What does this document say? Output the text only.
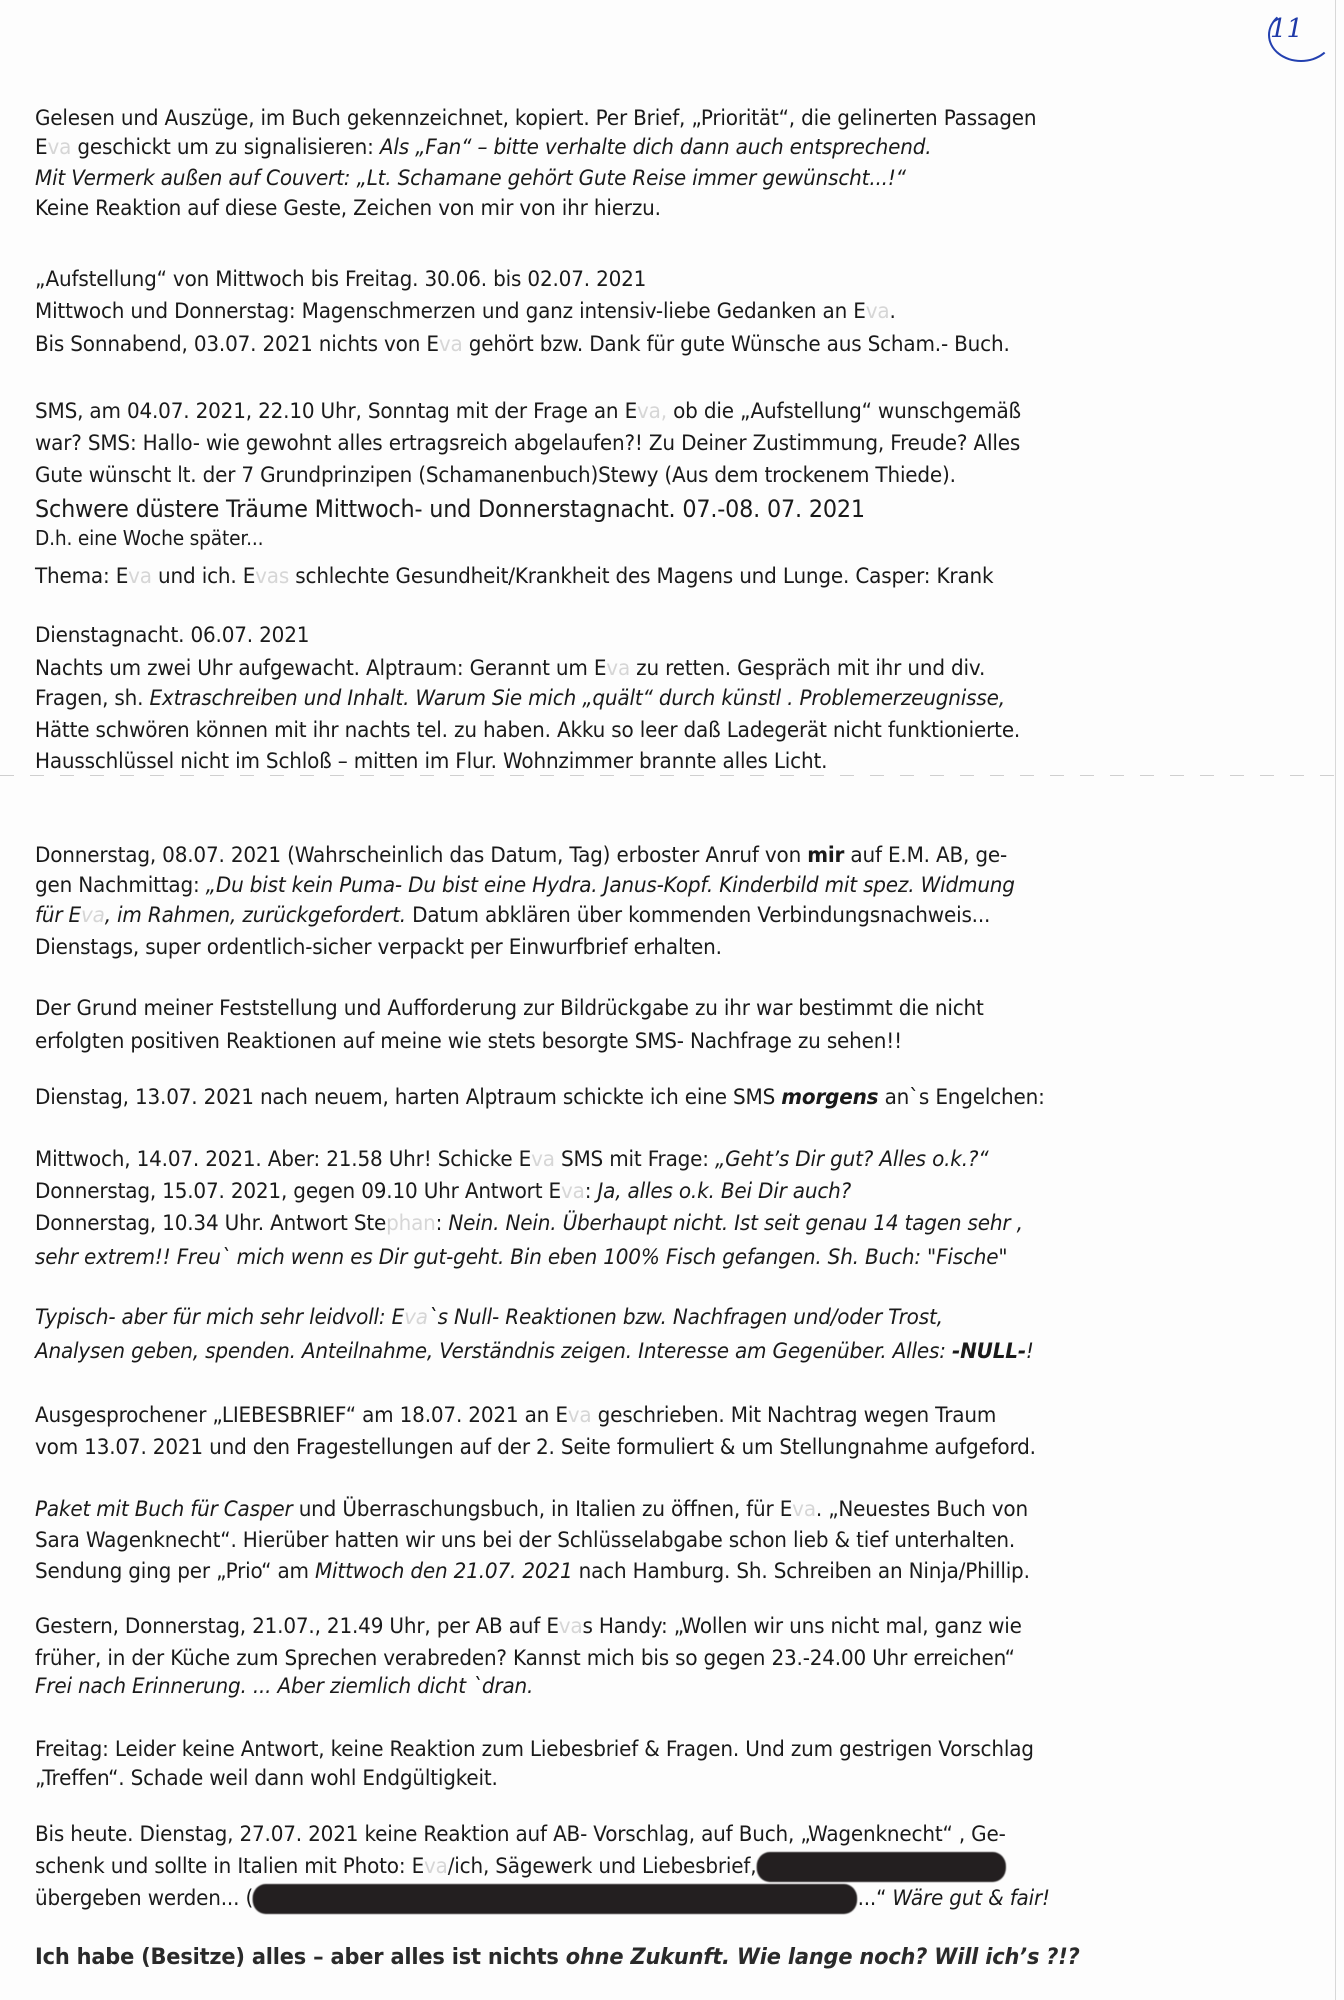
11
Gelesen und Auszüge, im Buch gekennzeichnet, kopiert. Per Brief, „Priorität“, die gelinerten Passagen
Eva geschickt um zu signalisieren: Als „Fan“ – bitte verhalte dich dann auch entsprechend.
Mit Vermerk außen auf Couvert: „Lt. Schamane gehört Gute Reise immer gewünscht...!“
Keine Reaktion auf diese Geste, Zeichen von mir von ihr hierzu.
„Aufstellung“ von Mittwoch bis Freitag. 30.06. bis 02.07. 2021
Mittwoch und Donnerstag: Magenschmerzen und ganz intensiv-liebe Gedanken an Eva.
Bis Sonnabend, 03.07. 2021 nichts von Eva gehört bzw. Dank für gute Wünsche aus Scham.- Buch.
SMS, am 04.07. 2021, 22.10 Uhr, Sonntag mit der Frage an Eva, ob die „Aufstellung“ wunschgemäß
war? SMS: Hallo- wie gewohnt alles ertragsreich abgelaufen?! Zu Deiner Zustimmung, Freude? Alles
Gute wünscht lt. der 7 Grundprinzipen (Schamanenbuch)Stewy (Aus dem trockenem Thiede).
Schwere düstere Träume Mittwoch- und Donnerstagnacht. 07.-08. 07. 2021
D.h. eine Woche später...
Thema: Eva und ich. Evas schlechte Gesundheit/Krankheit des Magens und Lunge. Casper: Krank
Dienstagnacht. 06.07. 2021
Nachts um zwei Uhr aufgewacht. Alptraum: Gerannt um Eva zu retten. Gespräch mit ihr und div.
Fragen, sh. Extraschreiben und Inhalt. Warum Sie mich „quält“ durch künstl . Problemerzeugnisse,
Hätte schwören können mit ihr nachts tel. zu haben. Akku so leer daß Ladegerät nicht funktionierte.
Hausschlüssel nicht im Schloß – mitten im Flur. Wohnzimmer brannte alles Licht.
Donnerstag, 08.07. 2021 (Wahrscheinlich das Datum, Tag) erboster Anruf von mir auf E.M. AB, ge-
gen Nachmittag: „Du bist kein Puma- Du bist eine Hydra. Janus-Kopf. Kinderbild mit spez. Widmung
für Eva, im Rahmen, zurückgefordert. Datum abklären über kommenden Verbindungsnachweis...
Dienstags, super ordentlich-sicher verpackt per Einwurfbrief erhalten.
Der Grund meiner Feststellung und Aufforderung zur Bildrückgabe zu ihr war bestimmt die nicht
erfolgten positiven Reaktionen auf meine wie stets besorgte SMS- Nachfrage zu sehen!!
Dienstag, 13.07. 2021 nach neuem, harten Alptraum schickte ich eine SMS morgens an`s Engelchen:
Mittwoch, 14.07. 2021. Aber: 21.58 Uhr! Schicke Eva SMS mit Frage: „Geht’s Dir gut? Alles o.k.?“
Donnerstag, 15.07. 2021, gegen 09.10 Uhr Antwort Eva: Ja, alles o.k. Bei Dir auch?
Donnerstag, 10.34 Uhr. Antwort Stephan: Nein. Nein. Überhaupt nicht. Ist seit genau 14 tagen sehr ,
sehr extrem!! Freu` mich wenn es Dir gut-geht. Bin eben 100% Fisch gefangen. Sh. Buch: "Fische"
Typisch- aber für mich sehr leidvoll: Eva`s Null- Reaktionen bzw. Nachfragen und/oder Trost,
Analysen geben, spenden. Anteilnahme, Verständnis zeigen. Interesse am Gegenüber. Alles: -NULL-!
Ausgesprochener „LIEBESBRIEF“ am 18.07. 2021 an Eva geschrieben. Mit Nachtrag wegen Traum
vom 13.07. 2021 und den Fragestellungen auf der 2. Seite formuliert & um Stellungnahme aufgeford.
Paket mit Buch für Casper und Überraschungsbuch, in Italien zu öffnen, für Eva. „Neuestes Buch von
Sara Wagenknecht“. Hierüber hatten wir uns bei der Schlüsselabgabe schon lieb & tief unterhalten.
Sendung ging per „Prio“ am Mittwoch den 21.07. 2021 nach Hamburg. Sh. Schreiben an Ninja/Phillip.
Gestern, Donnerstag, 21.07., 21.49 Uhr, per AB auf Evas Handy: „Wollen wir uns nicht mal, ganz wie
früher, in der Küche zum Sprechen verabreden? Kannst mich bis so gegen 23.-24.00 Uhr erreichen“
Frei nach Erinnerung. ... Aber ziemlich dicht `dran.
Freitag: Leider keine Antwort, keine Reaktion zum Liebesbrief & Fragen. Und zum gestrigen Vorschlag
„Treffen“. Schade weil dann wohl Endgültigkeit.
Bis heute. Dienstag, 27.07. 2021 keine Reaktion auf AB- Vorschlag, auf Buch, „Wagenknecht“ , Ge-
schenk und sollte in Italien mit Photo: Eva/ich, Sägewerk und Liebesbrief,
übergeben werden... (	...“ Wäre gut & fair!
Ich habe (Besitze) alles – aber alles ist nichts ohne Zukunft. Wie lange noch? Will ich’s ?!?
